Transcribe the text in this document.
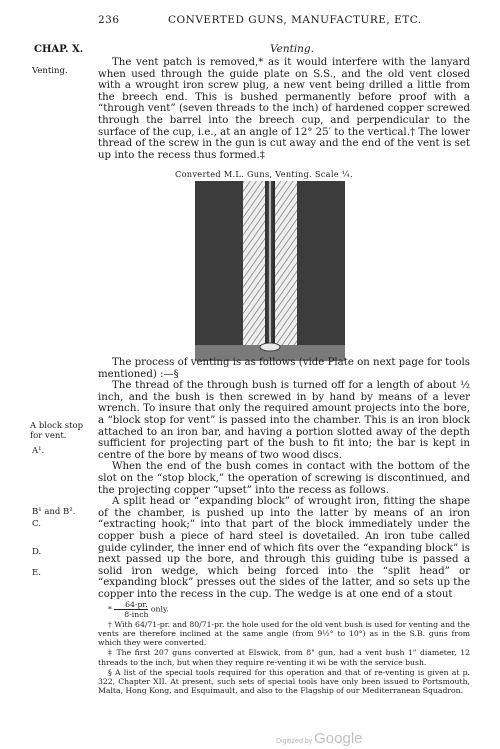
236	CONVERTED GUNS, MANUFACTURE, ETC.
CHAP. X.	Venting.
Venting.
A block stop
for vent.
A¹.
B¹ and B².
C.
D.
E.

The vent patch is removed,* as it would interfere with the lanyard when used through the guide plate on S.S., and the old vent closed with a wrought iron screw plug, a new vent being drilled a little from the breech end. This is bushed permanently before proof with a “through vent” (seven threads to the inch) of hardened copper screwed through the barrel into the breech cup, and perpendicular to the surface of the cup, i.e., at an angle of 12° 25′ to the vertical.† The lower thread of the screw in the gun is cut away and the end of the vent is set up into the recess thus formed.‡

Converted M.L. Guns, Venting. Scale ¼.

The process of venting is as follows (vide Plate on next page for tools mentioned) :—§

The thread of the through bush is turned off for a length of about ½ inch, and the bush is then screwed in by hand by means of a lever wrench. To insure that only the required amount projects into the bore, a “block stop for vent” is passed into the chamber. This is an iron block attached to an iron bar, and having a portion slotted away of the depth sufficient for projecting part of the bush to fit into; the bar is kept in centre of the bore by means of two wood discs.

When the end of the bush comes in contact with the bottom of the slot on the “stop block,” the operation of screwing is discontinued, and the projecting copper “upset” into the recess as follows.

A split head or “expanding block” of wrought iron, fitting the shape of the chamber, is pushed up into the latter by means of an iron “extracting hook;” into that part of the block immediately under the copper bush a piece of hard steel is dovetailed. An iron tube called guide cylinder, the inner end of which fits over the “expanding block” is next passed up the bore, and through this guiding tube is passed a solid iron wedge, which being forced into the “split head” or “expanding block” presses out the sides of the latter, and so sets up the copper into the recess in the cup. The wedge is at one end of a stout

* $\frac{64-pr.}{\text{8-inch}}$ only.

† With 64/71-pr. and 80/71-pr. the hole used for the old vent bush is used for venting and the vents are therefore inclined at the same angle (from 9½° to 10°) as in the S.B. guns from which they were converted.

‡ The first 207 guns converted at Elswick, from 8" gun, had a vent bush 1" diameter, 12 threads to the inch, but when they require re-venting it wi be with the service bush.

§ A list of the special tools required for this operation and that of re-venting is given at p. 322, Chapter XII. At present, such sets of special tools have only been issued to Portsmouth, Malta, Hong Kong, and Esquimault, and also to the Flagship of our Mediterranean Squadron.

Digitized by Google
